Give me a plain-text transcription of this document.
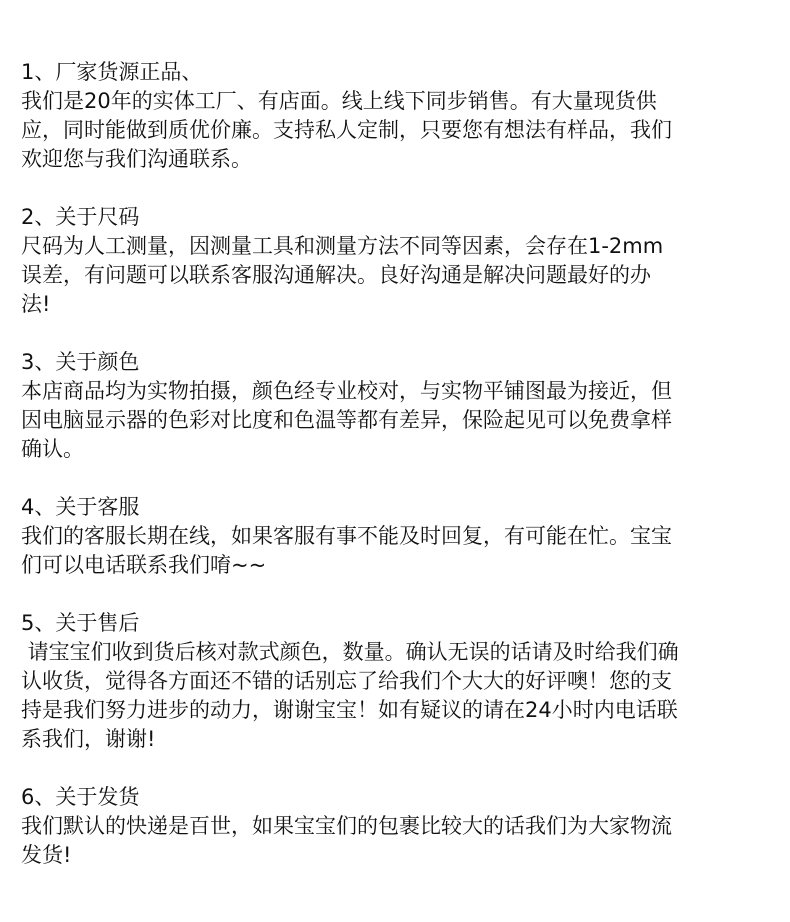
1、厂家货源正品、
我们是20年的实体工厂、有店面。线上线下同步销售。有大量现货供
应，同时能做到质优价廉。支持私人定制，只要您有想法有样品，我们
欢迎您与我们沟通联系。
2、关于尺码
尺码为人工测量，因测量工具和测量方法不同等因素，会存在1-2mm
误差，有问题可以联系客服沟通解决。良好沟通是解决问题最好的办
法!
3、关于颜色
本店商品均为实物拍摄，颜色经专业校对，与实物平铺图最为接近，但
因电脑显示器的色彩对比度和色温等都有差异，保险起见可以免费拿样
确认。
4、关于客服
我们的客服长期在线，如果客服有事不能及时回复，有可能在忙。宝宝
们可以电话联系我们唷~~
5、关于售后
请宝宝们收到货后核对款式颜色，数量。确认无误的话请及时给我们确
认收货，觉得各方面还不错的话别忘了给我们个大大的好评噢！您的支
持是我们努力进步的动力，谢谢宝宝！如有疑议的请在24小时内电话联
系我们，谢谢!
6、关于发货
我们默认的快递是百世，如果宝宝们的包裹比较大的话我们为大家物流
发货!
